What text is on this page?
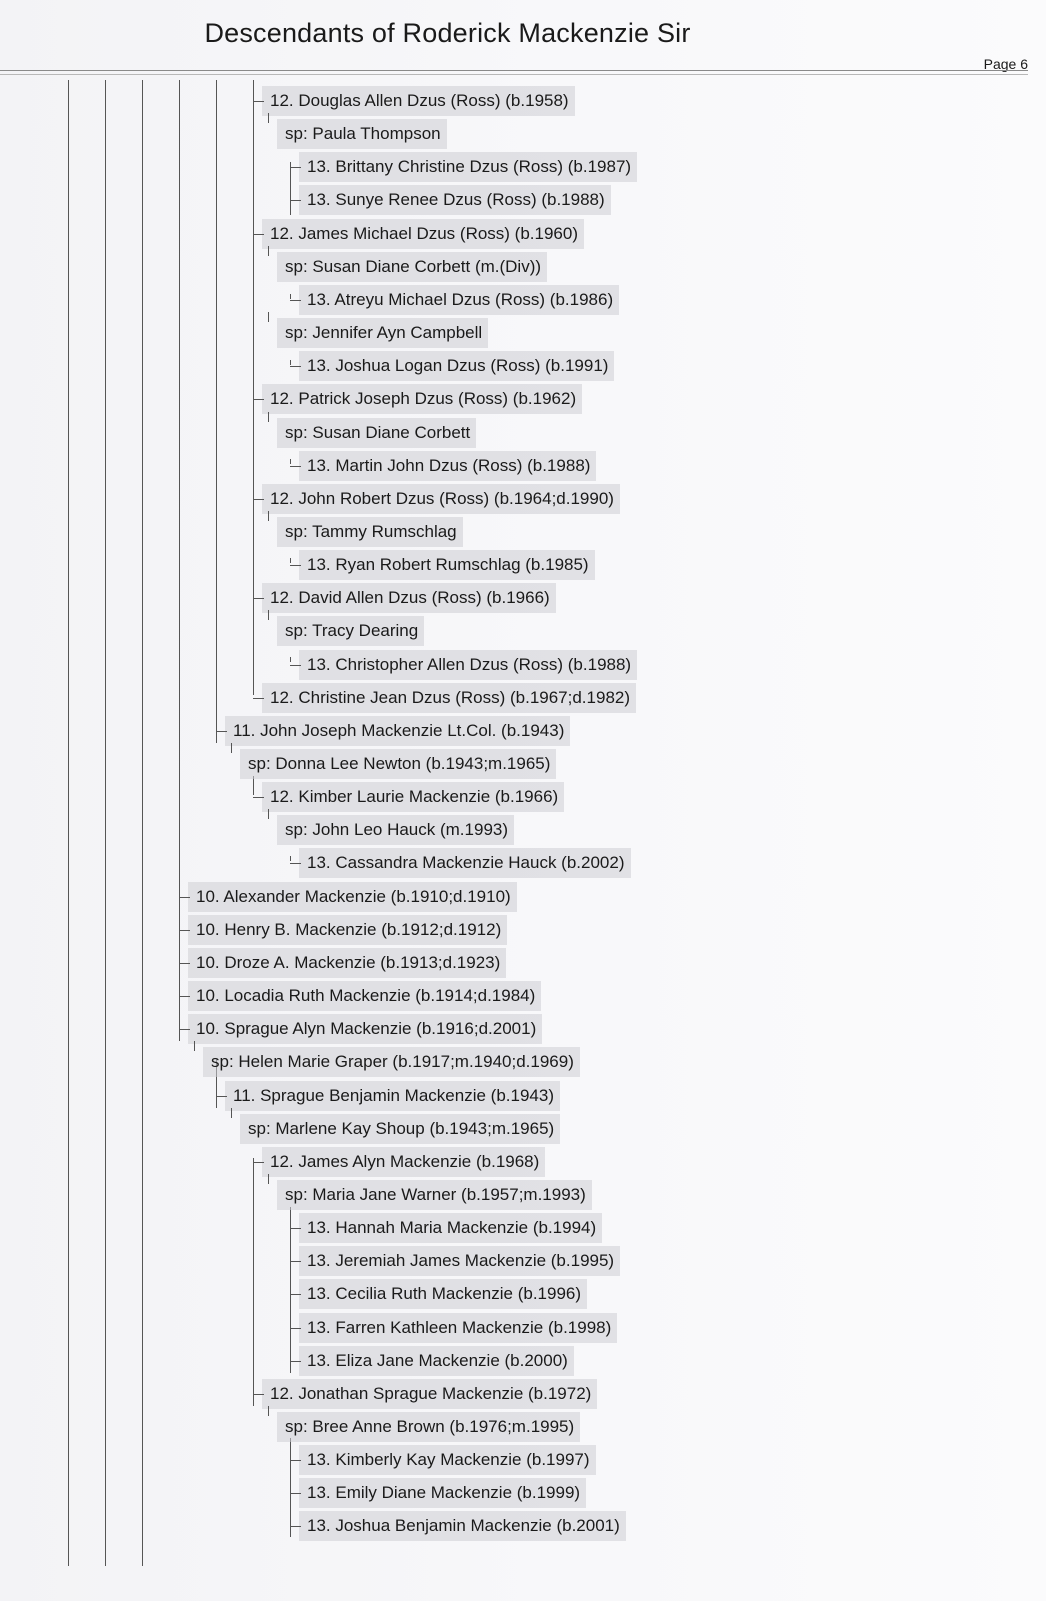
Descendants of Roderick Mackenzie Sir
Page 6
12. Douglas Allen Dzus (Ross) (b.1958)
sp: Paula Thompson
13. Brittany Christine Dzus (Ross) (b.1987)
13. Sunye Renee Dzus (Ross) (b.1988)
12. James Michael Dzus (Ross) (b.1960)
sp: Susan Diane Corbett (m.(Div))
13. Atreyu Michael Dzus (Ross) (b.1986)
sp: Jennifer Ayn Campbell
13. Joshua Logan Dzus (Ross) (b.1991)
12. Patrick Joseph Dzus (Ross) (b.1962)
sp: Susan Diane Corbett
13. Martin John Dzus (Ross) (b.1988)
12. John Robert Dzus (Ross) (b.1964;d.1990)
sp: Tammy Rumschlag
13. Ryan Robert Rumschlag (b.1985)
12. David Allen Dzus (Ross) (b.1966)
sp: Tracy Dearing
13. Christopher Allen Dzus (Ross) (b.1988)
12. Christine Jean Dzus (Ross) (b.1967;d.1982)
11. John Joseph Mackenzie Lt.Col. (b.1943)
sp: Donna Lee Newton (b.1943;m.1965)
12. Kimber Laurie Mackenzie (b.1966)
sp: John Leo Hauck (m.1993)
13. Cassandra Mackenzie Hauck (b.2002)
10. Alexander Mackenzie (b.1910;d.1910)
10. Henry B. Mackenzie (b.1912;d.1912)
10. Droze A. Mackenzie (b.1913;d.1923)
10. Locadia Ruth Mackenzie (b.1914;d.1984)
10. Sprague Alyn Mackenzie (b.1916;d.2001)
sp: Helen Marie Graper (b.1917;m.1940;d.1969)
11. Sprague Benjamin Mackenzie (b.1943)
sp: Marlene Kay Shoup (b.1943;m.1965)
12. James Alyn Mackenzie (b.1968)
sp: Maria Jane Warner (b.1957;m.1993)
13. Hannah Maria Mackenzie (b.1994)
13. Jeremiah James Mackenzie (b.1995)
13. Cecilia Ruth Mackenzie (b.1996)
13. Farren Kathleen Mackenzie (b.1998)
13. Eliza Jane Mackenzie (b.2000)
12. Jonathan Sprague Mackenzie (b.1972)
sp: Bree Anne Brown (b.1976;m.1995)
13. Kimberly Kay Mackenzie (b.1997)
13. Emily Diane Mackenzie (b.1999)
13. Joshua Benjamin Mackenzie (b.2001)
